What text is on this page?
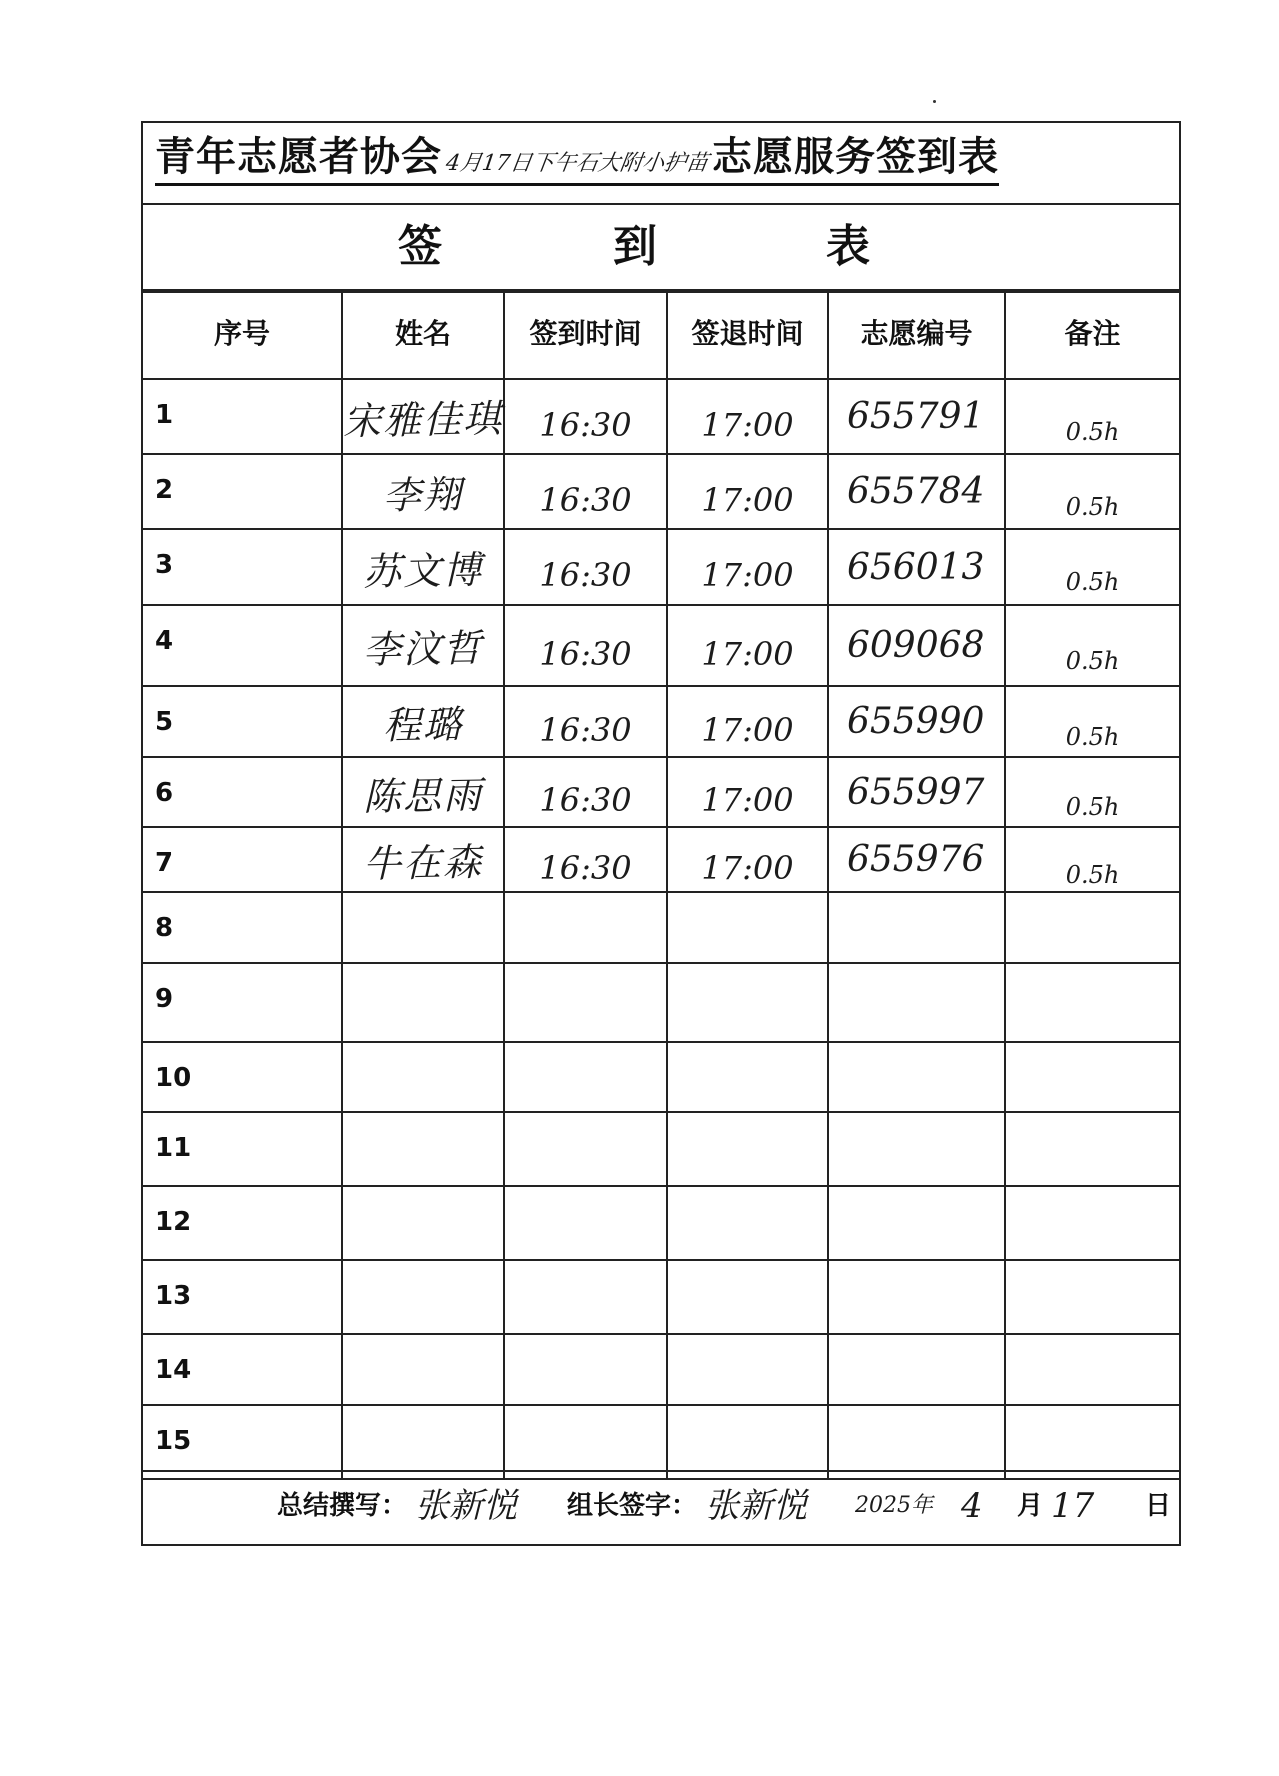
青年志愿者协会 4月17日下午石大附小护苗 志愿服务签到表
签	到	表
序号	姓名	签到时间	签退时间	志愿编号	备注
1	宋雅佳琪	16:30	17:00	655791	0.5h
2	李翔	16:30	17:00	655784	0.5h
3	苏文博	16:30	17:00	656013	0.5h
4	李汶哲	16:30	17:00	609068	0.5h
5	程璐	16:30	17:00	655990	0.5h
6	陈思雨	16:30	17:00	655997	0.5h
7	牛在森	16:30	17:00	655976	0.5h
8					
9					
10					
11					
12					
13					
14					
15					
总结撰写： 张新悦 组长签字： 张新悦 2025年 4 月 17 日
